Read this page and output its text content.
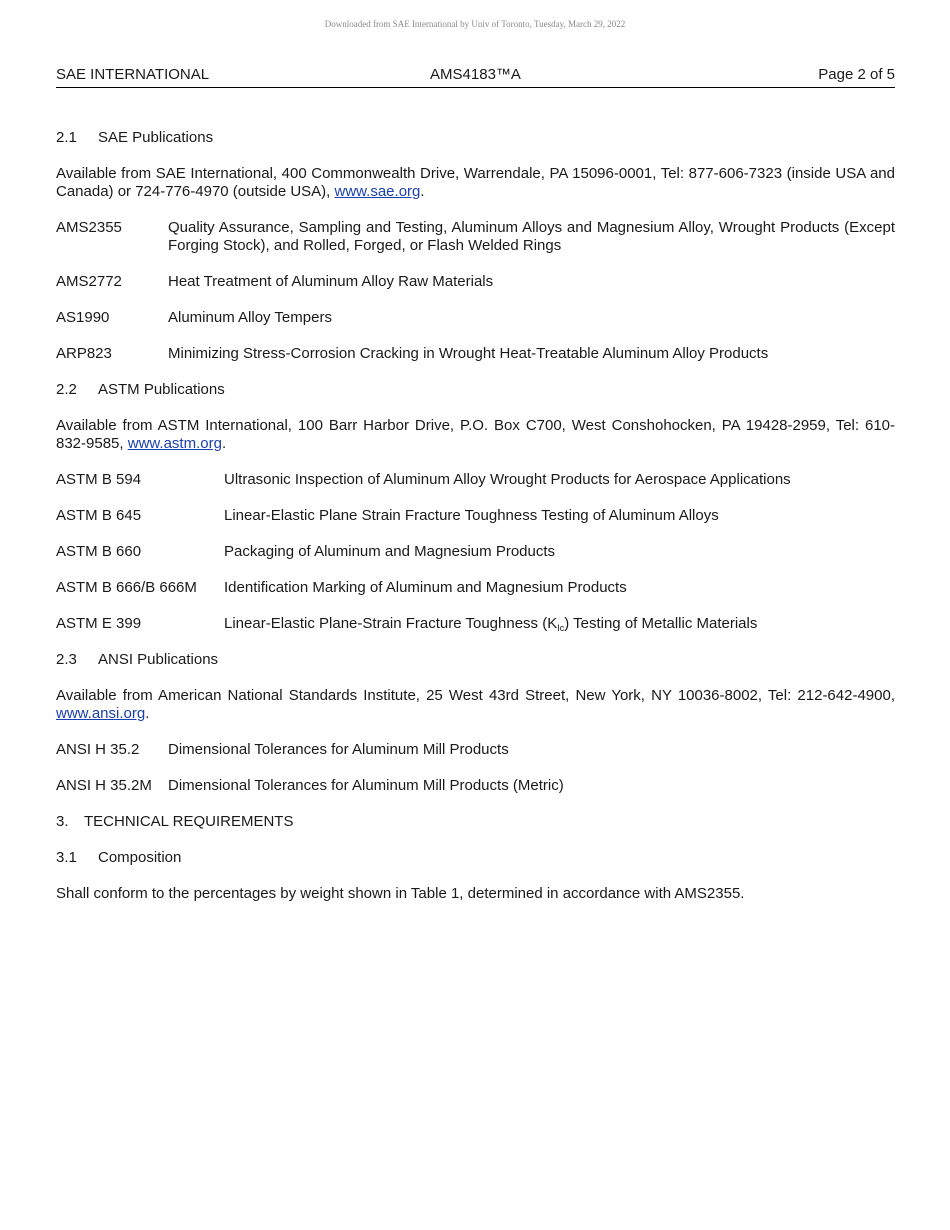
Downloaded from SAE International by Univ of Toronto, Tuesday, March 29, 2022
SAE INTERNATIONAL	AMS4183™A	Page 2 of 5
2.1 SAE Publications
Available from SAE International, 400 Commonwealth Drive, Warrendale, PA 15096-0001, Tel: 877-606-7323 (inside USA and Canada) or 724-776-4970 (outside USA), www.sae.org.
AMS2355	Quality Assurance, Sampling and Testing, Aluminum Alloys and Magnesium Alloy, Wrought Products (Except Forging Stock), and Rolled, Forged, or Flash Welded Rings
AMS2772	Heat Treatment of Aluminum Alloy Raw Materials
AS1990	Aluminum Alloy Tempers
ARP823	Minimizing Stress-Corrosion Cracking in Wrought Heat-Treatable Aluminum Alloy Products
2.2 ASTM Publications
Available from ASTM International, 100 Barr Harbor Drive, P.O. Box C700, West Conshohocken, PA 19428-2959, Tel: 610-832-9585, www.astm.org.
ASTM B 594	Ultrasonic Inspection of Aluminum Alloy Wrought Products for Aerospace Applications
ASTM B 645	Linear-Elastic Plane Strain Fracture Toughness Testing of Aluminum Alloys
ASTM B 660	Packaging of Aluminum and Magnesium Products
ASTM B 666/B 666M	Identification Marking of Aluminum and Magnesium Products
ASTM E 399	Linear-Elastic Plane-Strain Fracture Toughness $(K_{Ic})$ Testing of Metallic Materials
2.3 ANSI Publications
Available from American National Standards Institute, 25 West 43rd Street, New York, NY 10036-8002, Tel: 212-642-4900, www.ansi.org.
ANSI H 35.2	Dimensional Tolerances for Aluminum Mill Products
ANSI H 35.2M	Dimensional Tolerances for Aluminum Mill Products (Metric)
3. TECHNICAL REQUIREMENTS
3.1 Composition
Shall conform to the percentages by weight shown in Table 1, determined in accordance with AMS2355.
